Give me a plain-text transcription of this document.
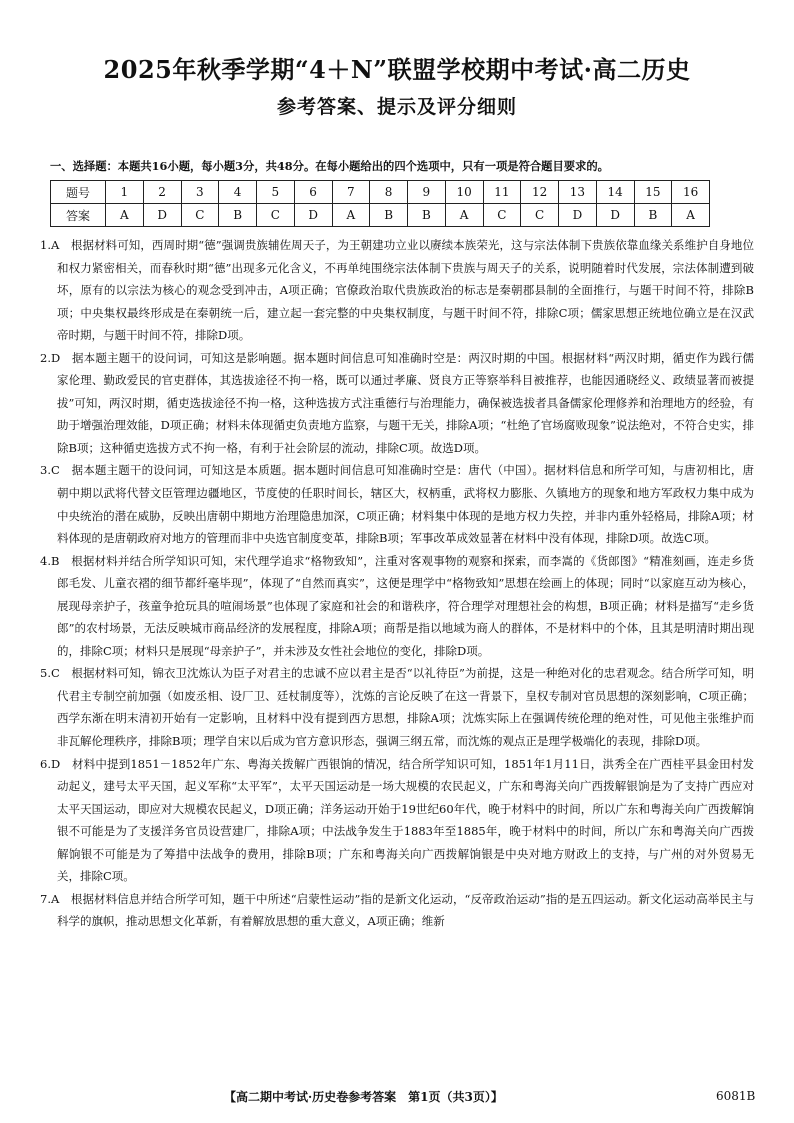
2025年秋季学期“4＋N”联盟学校期中考试·高二历史
参考答案、提示及评分细则
一、选择题：本题共16小题，每小题3分，共48分。在每小题给出的四个选项中，只有一项是符合题目要求的。
题号	1	2	3	4	5	6	7	8	9	10	11	12	13	14	15	16
答案	A	D	C	B	C	D	A	B	B	A	C	C	D	D	B	A

1.A　根据材料可知，西周时期“德”强调贵族辅佐周天子，为王朝建功立业以赓续本族荣光，这与宗法体制下贵族依靠血缘关系维护自身地位和权力紧密相关，而春秋时期“德”出现多元化含义，不再单纯围绕宗法体制下贵族与周天子的关系，说明随着时代发展，宗法体制遭到破坏，原有的以宗法为核心的观念受到冲击，A项正确；官僚政治取代贵族政治的标志是秦朝郡县制的全面推行，与题干时间不符，排除B项；中央集权最终形成是在秦朝统一后，建立起一套完整的中央集权制度，与题干时间不符，排除C项；儒家思想正统地位确立是在汉武帝时期，与题干时间不符，排除D项。

2.D　据本题主题干的设问词，可知这是影响题。据本题时间信息可知准确时空是：两汉时期的中国。根据材料“两汉时期，循吏作为践行儒家伦理、勤政爱民的官吏群体，其选拔途径不拘一格，既可以通过孝廉、贤良方正等察举科目被推荐，也能因通晓经义、政绩显著而被提拔”可知，两汉时期，循吏选拔途径不拘一格，这种选拔方式注重德行与治理能力，确保被选拔者具备儒家伦理修养和治理地方的经验，有助于增强治理效能，D项正确；材料未体现循吏负责地方监察，与题干无关，排除A项；“杜绝了官场腐败现象”说法绝对，不符合史实，排除B项；这种循吏选拔方式不拘一格，有利于社会阶层的流动，排除C项。故选D项。

3.C　据本题主题干的设问词，可知这是本质题。据本题时间信息可知准确时空是：唐代（中国）。据材料信息和所学可知，与唐初相比，唐朝中期以武将代替文臣管理边疆地区，节度使的任职时间长，辖区大，权柄重，武将权力膨胀、久镇地方的现象和地方军政权力集中成为中央统治的潜在威胁，反映出唐朝中期地方治理隐患加深，C项正确；材料集中体现的是地方权力失控，并非内重外轻格局，排除A项；材料体现的是唐朝政府对地方的管理而非中央选官制度变革，排除B项；军事改革成效显著在材料中没有体现，排除D项。故选C项。

4.B　根据材料并结合所学知识可知，宋代理学追求“格物致知”，注重对客观事物的观察和探索，而李嵩的《货郎图》“精准刻画，连走乡货郎毛发、儿童衣褶的细节都纤毫毕现”，体现了“自然而真实”，这便是理学中“格物致知”思想在绘画上的体现；同时“以家庭互动为核心，展现母亲护子，孩童争抢玩具的喧闹场景”也体现了家庭和社会的和谐秩序，符合理学对理想社会的构想，B项正确；材料是描写“走乡货郎”的农村场景，无法反映城市商品经济的发展程度，排除A项；商帮是指以地域为商人的群体，不是材料中的个体，且其是明清时期出现的，排除C项；材料只是展现“母亲护子”，并未涉及女性社会地位的变化，排除D项。

5.C　根据材料可知，锦衣卫沈炼认为臣子对君主的忠诚不应以君主是否“以礼待臣”为前提，这是一种绝对化的忠君观念。结合所学可知，明代君主专制空前加强（如废丞相、设厂卫、廷杖制度等），沈炼的言论反映了在这一背景下，皇权专制对官员思想的深刻影响，C项正确；西学东渐在明末清初开始有一定影响，且材料中没有提到西方思想，排除A项；沈炼实际上在强调传统伦理的绝对性，可见他主张维护而非瓦解伦理秩序，排除B项；理学自宋以后成为官方意识形态，强调三纲五常，而沈炼的观点正是理学极端化的表现，排除D项。

6.D　材料中提到1851－1852年广东、粤海关拨解广西银饷的情况，结合所学知识可知，1851年1月11日，洪秀全在广西桂平县金田村发动起义，建号太平天国，起义军称“太平军”，太平天国运动是一场大规模的农民起义，广东和粤海关向广西拨解银饷是为了支持广西应对太平天国运动，即应对大规模农民起义，D项正确；洋务运动开始于19世纪60年代，晚于材料中的时间，所以广东和粤海关向广西拨解饷银不可能是为了支援洋务官员设营建厂，排除A项；中法战争发生于1883年至1885年，晚于材料中的时间，所以广东和粤海关向广西拨解饷银不可能是为了筹措中法战争的费用，排除B项；广东和粤海关向广西拨解饷银是中央对地方财政上的支持，与广州的对外贸易无关，排除C项。

7.A　根据材料信息并结合所学可知，题干中所述“启蒙性运动”指的是新文化运动，“反帝政治运动”指的是五四运动。新文化运动高举民主与科学的旗帜，推动思想文化革新，有着解放思想的重大意义，A项正确；维新

【高二期中考试·历史卷参考答案　第1页（共3页）】	6081B
